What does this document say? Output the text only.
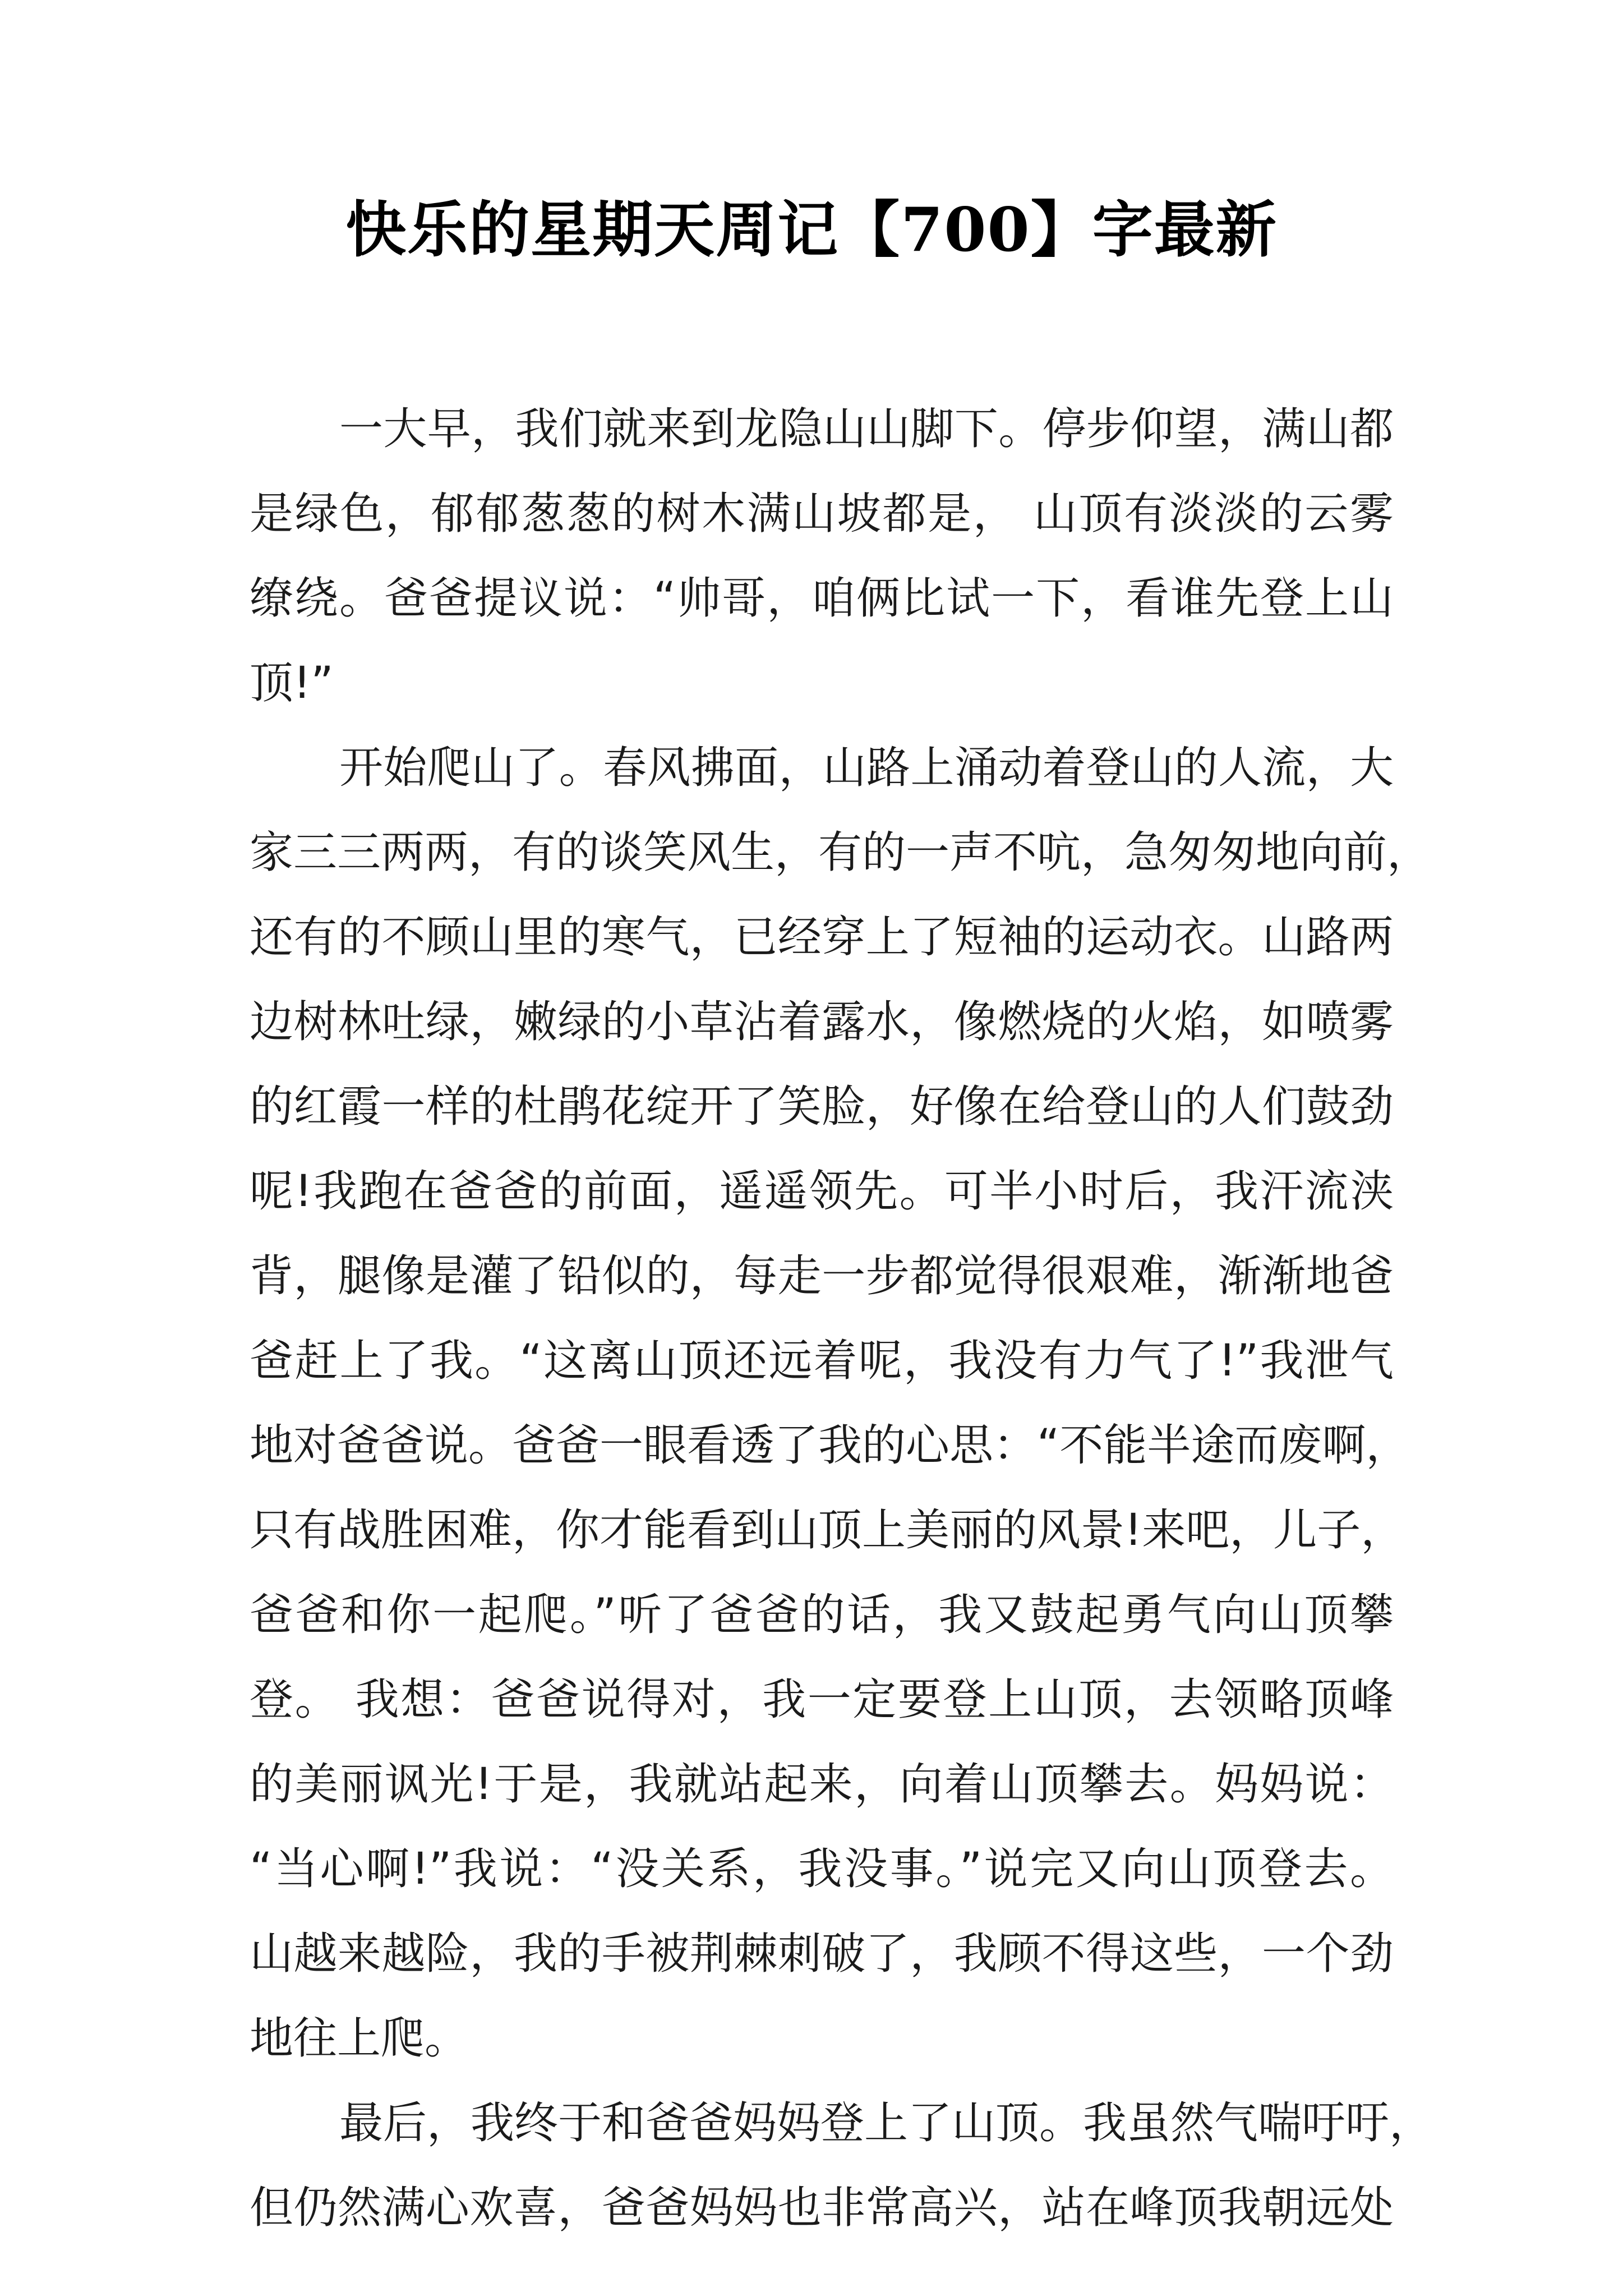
快乐的星期天周记【700】字最新
一大早，我们就来到龙隐山山脚下。停步仰望，满山都
是绿色，郁郁葱葱的树木满山坡都是， 山顶有淡淡的云雾
缭绕。爸爸提议说：“帅哥，咱俩比试一下，看谁先登上山
顶!”
开始爬山了。春风拂面，山路上涌动着登山的人流，大
家三三两两，有的谈笑风生，有的一声不吭，急匆匆地向前，
还有的不顾山里的寒气，已经穿上了短袖的运动衣。山路两
边树林吐绿，嫩绿的小草沾着露水，像燃烧的火焰，如喷雾
的红霞一样的杜鹃花绽开了笑脸，好像在给登山的人们鼓劲
呢!我跑在爸爸的前面，遥遥领先。可半小时后，我汗流浃
背，腿像是灌了铅似的，每走一步都觉得很艰难，渐渐地爸
爸赶上了我。“这离山顶还远着呢，我没有力气了!”我泄气
地对爸爸说。爸爸一眼看透了我的心思：“不能半途而废啊，
只有战胜困难，你才能看到山顶上美丽的风景!来吧，儿子，
爸爸和你一起爬。”听了爸爸的话，我又鼓起勇气向山顶攀
登。 我想：爸爸说得对，我一定要登上山顶，去领略顶峰
的美丽讽光!于是，我就站起来，向着山顶攀去。妈妈说：
“当心啊!”我说：“没关系，我没事。”说完又向山顶登去。
山越来越险，我的手被荆棘刺破了，我顾不得这些，一个劲
地往上爬。
最后，我终于和爸爸妈妈登上了山顶。我虽然气喘吁吁，
但仍然满心欢喜，爸爸妈妈也非常高兴，站在峰顶我朝远处
